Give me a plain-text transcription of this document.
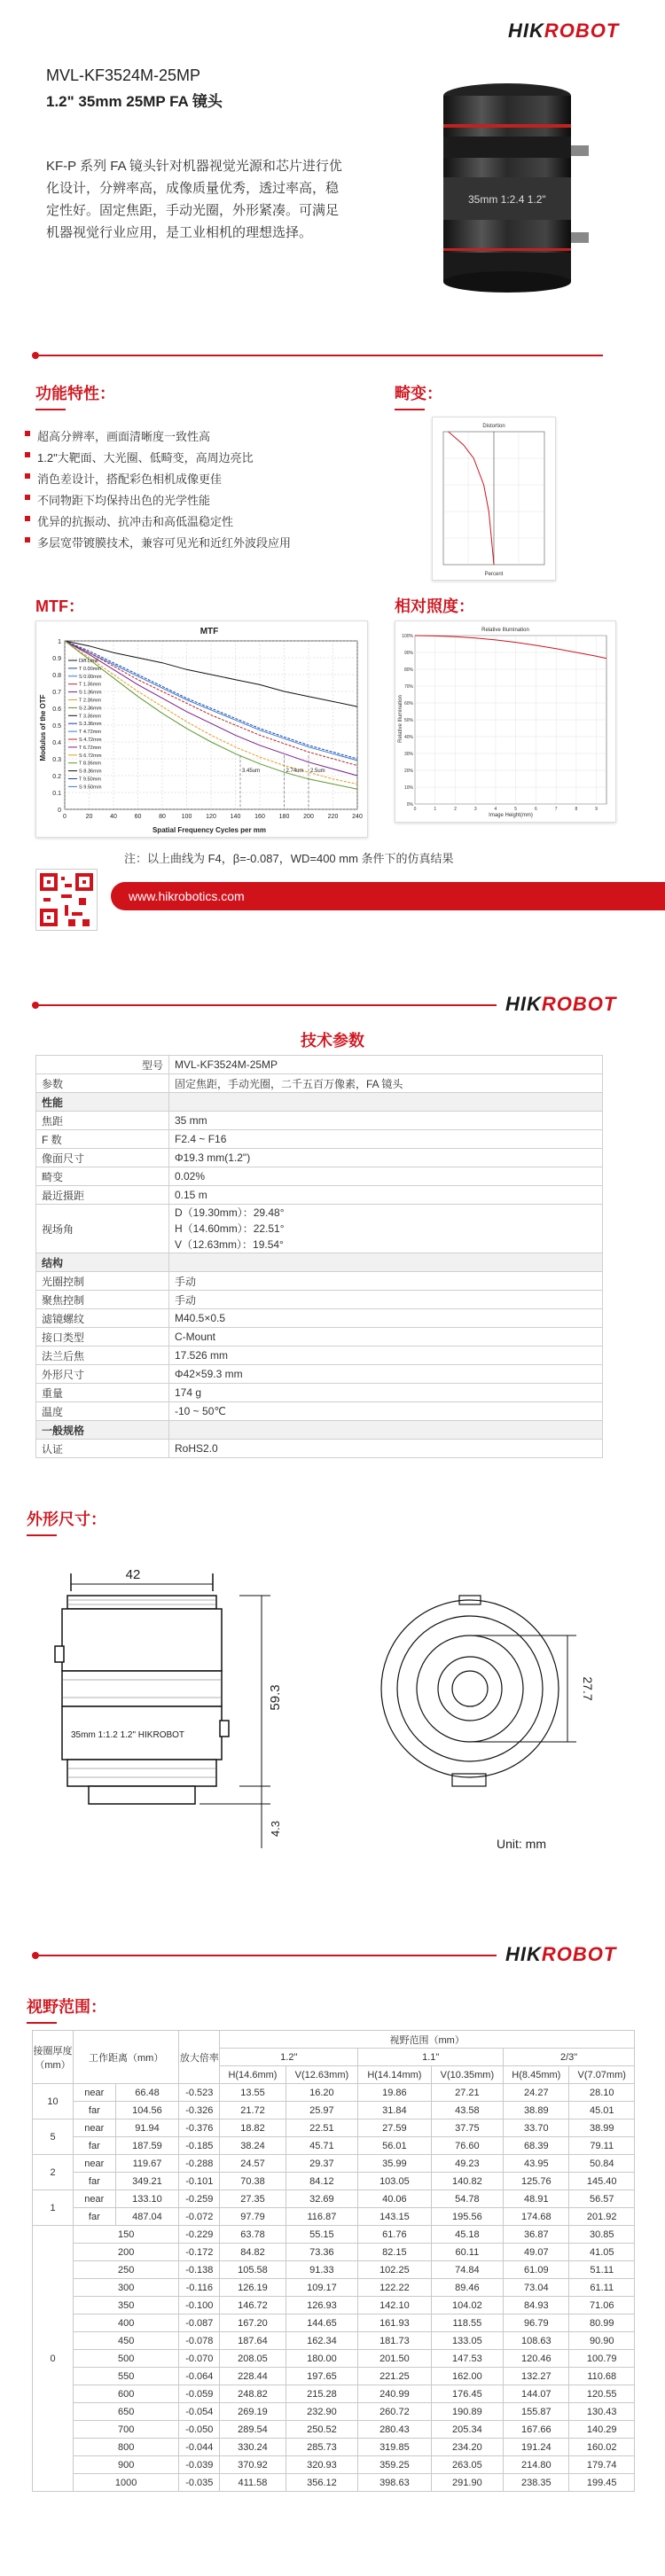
HIKROBOT
MVL-KF3524M-25MP
1.2" 35mm 25MP FA 镜头
KF-P 系列 FA 镜头针对机器视觉光源和芯片进行优化设计，分辨率高，成像质量优秀，透过率高，稳定性好。固定焦距，手动光圈，外形紧凑。可满足机器视觉行业应用，是工业相机的理想选择。
35mm 1:2.4 1.2"
功能特性：
超高分辨率，画面清晰度一致性高
1.2"大靶面、大光圈、低畸变，高周边亮比
消色差设计，搭配彩色相机成像更佳
不同物距下均保持出色的光学性能
优异的抗振动、抗冲击和高低温稳定性
多层宽带镀膜技术，兼容可见光和近红外波段应用
畸变：
Distortion
Percent
MTF：
MTF
0
0.1
0.2
0.3
0.4
0.5
0.6
0.7
0.8
0.9
1
0	20	40	60	80	100 120 140 160 180 200 220 240
3.45um	2.74um 2.5um
Diff.Limit
T 0.00mm
S 0.00mm
T 1.36mm
S 1.36mm
T 2.36mm
S 2.36mm
T 3.36mm
S 3.36mm
T 4.72mm
S 4.72mm
T 6.72mm
S 6.72mm
T 8.36mm
S 8.36mm
T 9.50mm
S 9.50mm
Spatial Frequency Cycles per mm
Modulus of the OTF
相对照度：
Relative Illumination
0%
10%
20%
30%
40%
50%
60%
70%
80%
90%
100%
0	1	2	3	4	5	6	7	8	9
Image Height(mm)
Relative Illumination
注：以上曲线为 F4，β=-0.087，WD=400 mm 条件下的仿真结果
www.hikrobotics.com
HIKROBOT
技术参数
型号	MVL-KF3524M-25MP
参数	固定焦距，手动光圈，二千五百万像素，FA 镜头
性能	
焦距	35 mm
F 数	F2.4 ~ F16
像面尺寸	Φ19.3 mm(1.2")
畸变	0.02%
最近摄距	0.15 m
视场角	D（19.30mm）：29.48°
H（14.60mm）：22.51°
V（12.63mm）：19.54°

结构	
光圈控制	手动
聚焦控制	手动
滤镜螺纹	M40.5×0.5
接口类型	C-Mount
法兰后焦	17.526 mm
外形尺寸	Φ42×59.3 mm
重量	174 g
温度	-10 ~ 50℃
一般规格	
认证	RoHS2.0
外形尺寸：
42
35mm 1:1.2 1.2" HIKROBOT
59.3
4.3
27.7
Unit: mm
HIKROBOT
视野范围：
接圈厚度（mm）	工作距离（mm）		放大倍率	视野范围（mm）					
				1.2"		1.1"		2/3"	
				H(14.6mm)	V(12.63mm)	H(14.14mm)	V(10.35mm)	H(8.45mm)	V(7.07mm)
10	near	66.48	-0.523	13.55	16.20	19.86	27.21	24.27	28.10
	far	104.56	-0.326	21.72	25.97	31.84	43.58	38.89	45.01
5	near	91.94	-0.376	18.82	22.51	27.59	37.75	33.70	38.99
	far	187.59	-0.185	38.24	45.71	56.01	76.60	68.39	79.11
2	near	119.67	-0.288	24.57	29.37	35.99	49.23	43.95	50.84
	far	349.21	-0.101	70.38	84.12	103.05	140.82	125.76	145.40
1	near	133.10	-0.259	27.35	32.69	40.06	54.78	48.91	56.57
	far	487.04	-0.072	97.79	116.87	143.15	195.56	174.68	201.92
0	150		-0.229	63.78	55.15	61.76	45.18	36.87	30.85
	200		-0.172	84.82	73.36	82.15	60.11	49.07	41.05
	250		-0.138	105.58	91.33	102.25	74.84	61.09	51.11
	300		-0.116	126.19	109.17	122.22	89.46	73.04	61.11
	350		-0.100	146.72	126.93	142.10	104.02	84.93	71.06
	400		-0.087	167.20	144.65	161.93	118.55	96.79	80.99
	450		-0.078	187.64	162.34	181.73	133.05	108.63	90.90
	500		-0.070	208.05	180.00	201.50	147.53	120.46	100.79
	550		-0.064	228.44	197.65	221.25	162.00	132.27	110.68
	600		-0.059	248.82	215.28	240.99	176.45	144.07	120.55
	650		-0.054	269.19	232.90	260.72	190.89	155.87	130.43
	700		-0.050	289.54	250.52	280.43	205.34	167.66	140.29
	800		-0.044	330.24	285.73	319.85	234.20	191.24	160.02
	900		-0.039	370.92	320.93	359.25	263.05	214.80	179.74
	1000		-0.035	411.58	356.12	398.63	291.90	238.35	199.45
